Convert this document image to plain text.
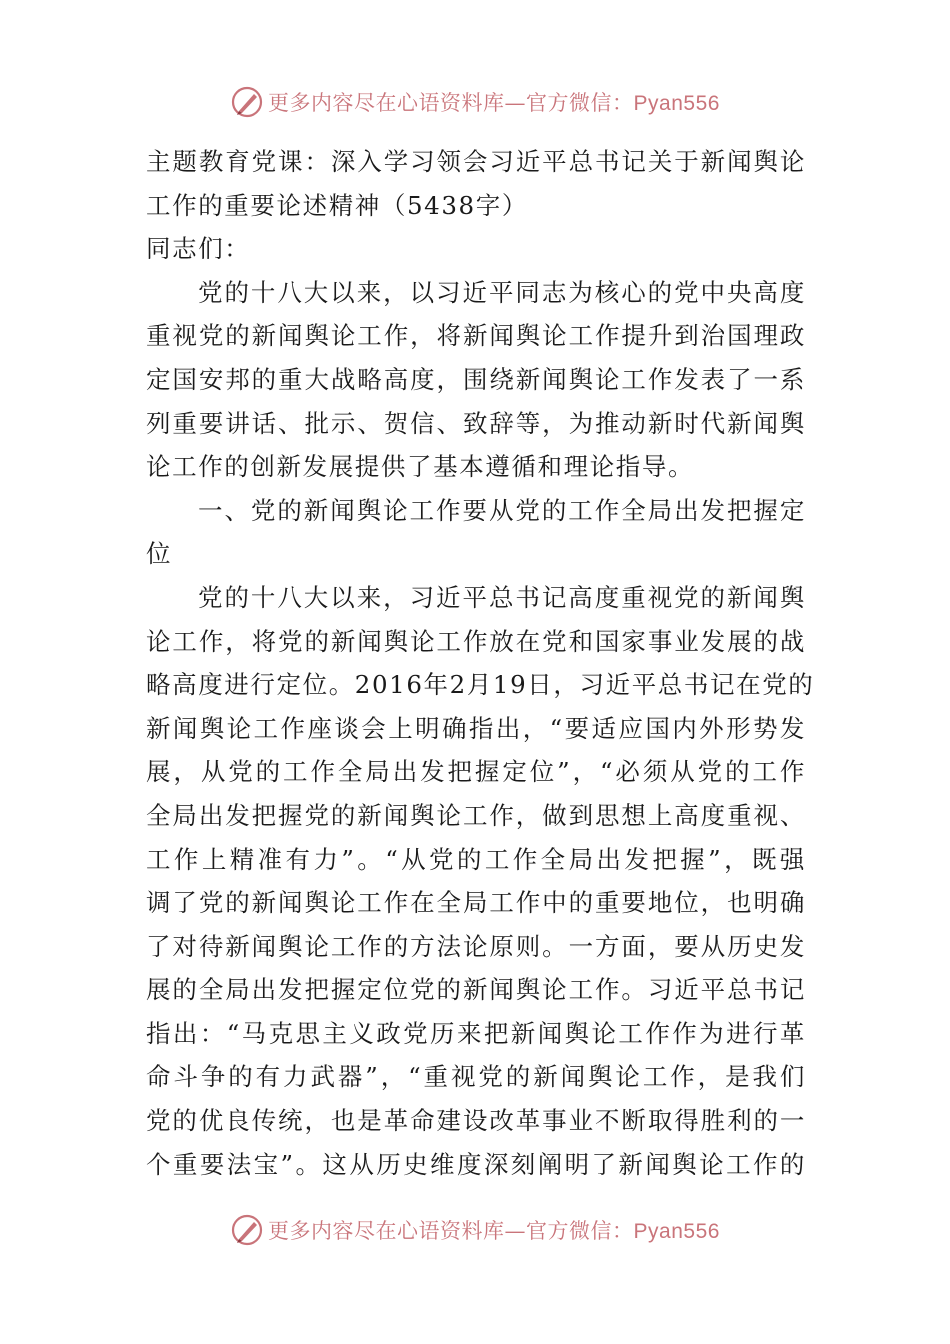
更多内容尽在心语资料库—官方微信：Pyan556
主题教育党课：深入学习领会习近平总书记关于新闻舆论
工作的重要论述精神（5438字）
同志们：
党的十八大以来，以习近平同志为核心的党中央高度
重视党的新闻舆论工作，将新闻舆论工作提升到治国理政
定国安邦的重大战略高度，围绕新闻舆论工作发表了一系
列重要讲话、批示、贺信、致辞等，为推动新时代新闻舆
论工作的创新发展提供了基本遵循和理论指导。
一、党的新闻舆论工作要从党的工作全局出发把握定
位
党的十八大以来，习近平总书记高度重视党的新闻舆
论工作，将党的新闻舆论工作放在党和国家事业发展的战
略高度进行定位。2016年2月19日，习近平总书记在党的
新闻舆论工作座谈会上明确指出，“要适应国内外形势发
展，从党的工作全局出发把握定位”，“必须从党的工作
全局出发把握党的新闻舆论工作，做到思想上高度重视、
工作上精准有力”。“从党的工作全局出发把握”，既强
调了党的新闻舆论工作在全局工作中的重要地位，也明确
了对待新闻舆论工作的方法论原则。一方面，要从历史发
展的全局出发把握定位党的新闻舆论工作。习近平总书记
指出：“马克思主义政党历来把新闻舆论工作作为进行革
命斗争的有力武器”，“重视党的新闻舆论工作，是我们
党的优良传统，也是革命建设改革事业不断取得胜利的一
个重要法宝”。这从历史维度深刻阐明了新闻舆论工作的
更多内容尽在心语资料库—官方微信：Pyan556
